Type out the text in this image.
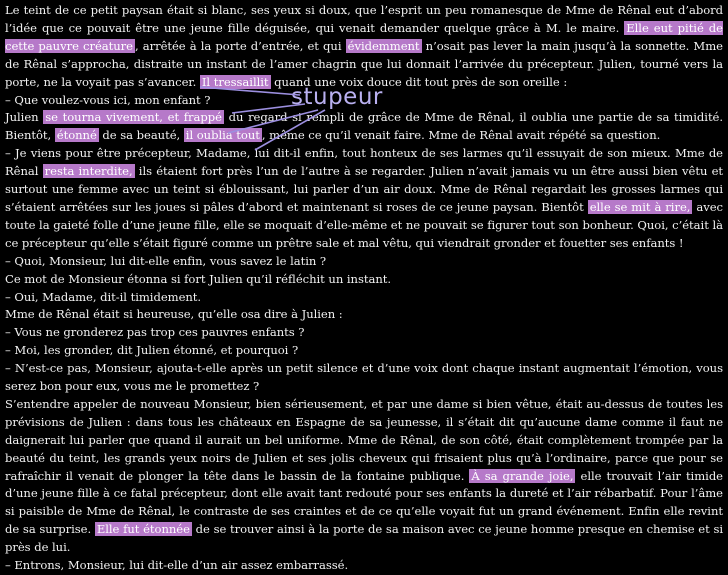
Le teint de ce petit paysan était si blanc, ses yeux si doux, que l’esprit un peu romanesque de Mme de Rênal eut d’abord l’idée que ce pouvait être une jeune fille déguisée, qui venait demander quelque grâce à M. le maire. Elle eut pitié de cette pauvre créature , arrêtée à la porte d’entrée, et qui évidemment n’osait pas lever la main jusqu’à la sonnette. Mme de Rênal s’approcha, distraite un instant de l’amer chagrin que lui donnait l’arrivée du précepteur. Julien, tourné vers la porte, ne la voyait pas s’avancer. Il tressaillit quand une voix douce dit tout près de son oreille :

– Que voulez-vous ici, mon enfant ?

Julien se tourna vivement, et frappé du regard si rempli de grâce de Mme de Rênal, il oublia une partie de sa timidité. Bientôt, étonné de sa beauté, il oublia tout , même ce qu’il venait faire. Mme de Rênal avait répété sa question.

– Je viens pour être précepteur, Madame, lui dit-il enfin, tout honteux de ses larmes qu’il essuyait de son mieux. Mme de Rênal resta interdite, ils étaient fort près l’un de l’autre à se regarder. Julien n’avait jamais vu un être aussi bien vêtu et surtout une femme avec un teint si éblouissant, lui parler d’un air doux. Mme de Rênal regardait les grosses larmes qui s’étaient arrêtées sur les joues si pâles d’abord et maintenant si roses de ce jeune paysan. Bientôt elle se mit à rire, avec toute la gaieté folle d’une jeune fille, elle se moquait d’elle-même et ne pouvait se figurer tout son bonheur. Quoi, c’était là ce précepteur qu’elle s’était figuré comme un prêtre sale et mal vêtu, qui viendrait gronder et fouetter ses enfants !

– Quoi, Monsieur, lui dit-elle enfin, vous savez le latin ?

Ce mot de Monsieur étonna si fort Julien qu’il réfléchit un instant.

– Oui, Madame, dit-il timidement.

Mme de Rênal était si heureuse, qu’elle osa dire à Julien :

– Vous ne gronderez pas trop ces pauvres enfants ?

– Moi, les gronder, dit Julien étonné, et pourquoi ?

– N’est-ce pas, Monsieur, ajouta-t-elle après un petit silence et d’une voix dont chaque instant augmentait l’émotion, vous serez bon pour eux, vous me le promettez ?

S’entendre appeler de nouveau Monsieur, bien sérieusement, et par une dame si bien vêtue, était au-dessus de toutes les prévisions de Julien : dans tous les châteaux en Espagne de sa jeunesse, il s’était dit qu’aucune dame comme il faut ne daignerait lui parler que quand il aurait un bel uniforme. Mme de Rênal, de son côté, était complètement trompée par la beauté du teint, les grands yeux noirs de Julien et ses jolis cheveux qui frisaient plus qu’à l’ordinaire, parce que pour se rafraîchir il venait de plonger la tête dans le bassin de la fontaine publique. À sa grande joie, elle trouvait l’air timide d’une jeune fille à ce fatal précepteur, dont elle avait tant redouté pour ses enfants la dureté et l’air rébarbatif. Pour l’âme si paisible de Mme de Rênal, le contraste de ses craintes et de ce qu’elle voyait fut un grand événement. Enfin elle revint de sa surprise. Elle fut étonnée de se trouver ainsi à la porte de sa maison avec ce jeune homme presque en chemise et si près de lui.

– Entrons, Monsieur, lui dit-elle d’un air assez embarrassé.

stupeur
